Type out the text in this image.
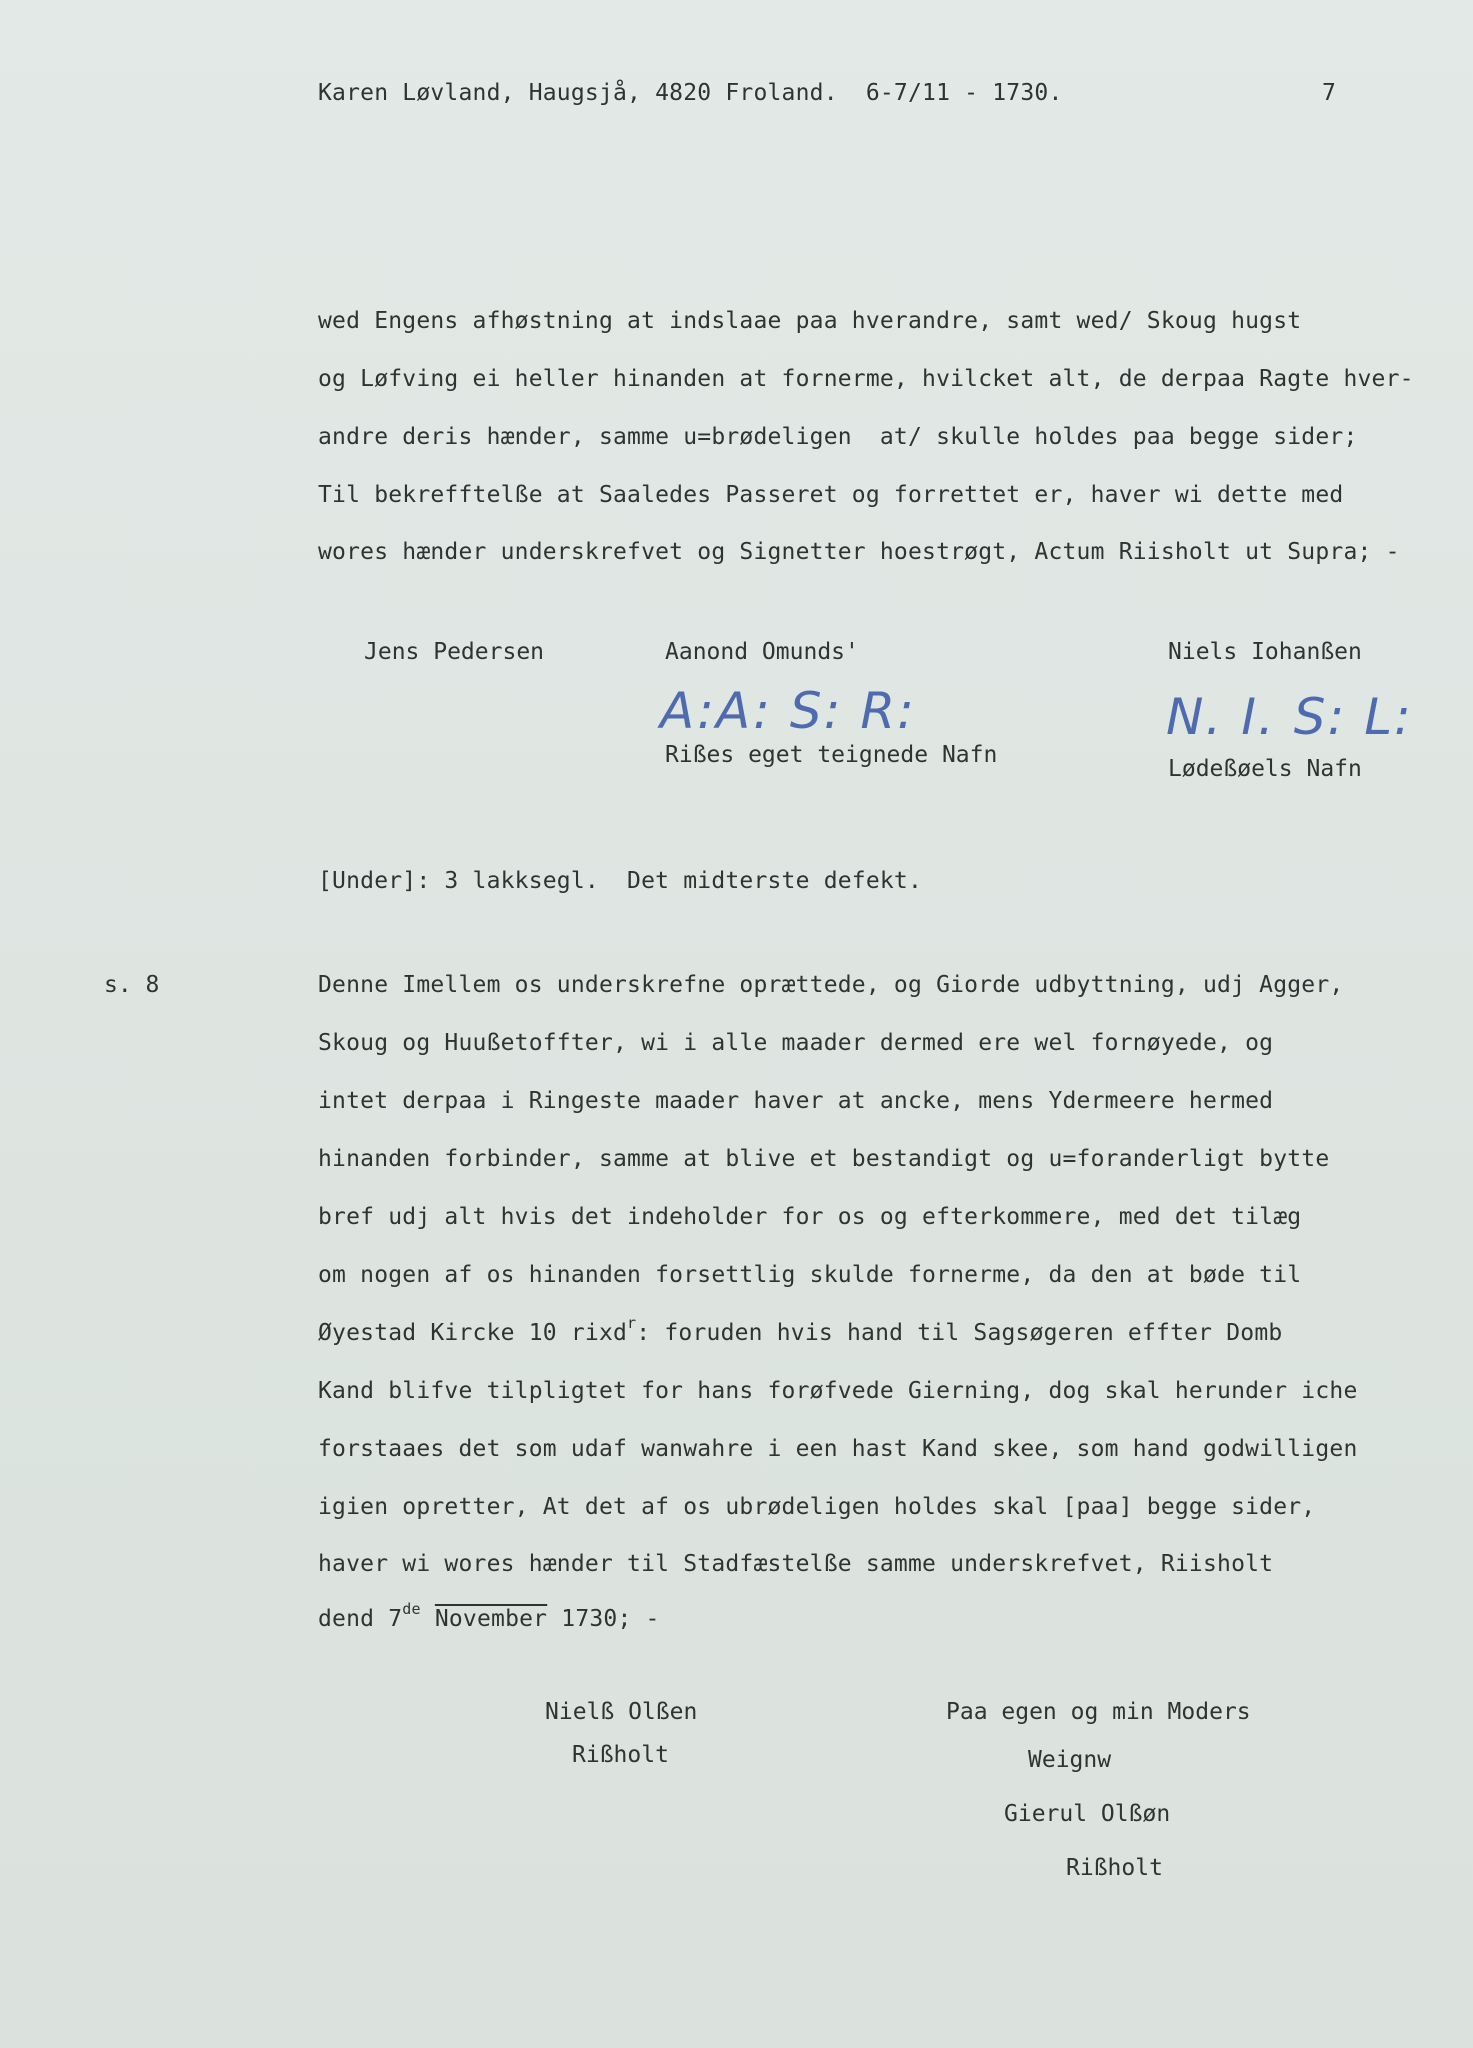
Karen Løvland, Haugsjå, 4820 Froland.  6-7/11 - 1730.	7
wed Engens afhøstning at indslaae paa hverandre, samt wed/ Skoug hugst
og Løfving ei heller hinanden at fornerme, hvilcket alt, de derpaa Ragte hver-
andre deris hænder, samme u=brødeligen  at/ skulle holdes paa begge sider;
Til bekrefftelße at Saaledes Passeret og forrettet er, haver wi dette med
wores hænder underskrefvet og Signetter hoestrøgt, Actum Riisholt ut Supra; -
Jens Pedersen	Aanond Omunds'
A:A: S: R:
Rißes eget teignede Nafn
Niels Iohanßen
N. I. S: L:
Lødeßøels Nafn
[Under]: 3 lakksegl.  Det midterste defekt.
s. 8	Denne Imellem os underskrefne oprættede, og Giorde udbyttning, udj Agger,
Skoug og Huußetoffter, wi i alle maader dermed ere wel fornøyede, og
intet derpaa i Ringeste maader haver at ancke, mens Ydermeere hermed
hinanden forbinder, samme at blive et bestandigt og u=foranderligt bytte
bref udj alt hvis det indeholder for os og efterkommere, med det tilæg
om nogen af os hinanden forsettlig skulde fornerme, da den at bøde til
Øyestad Kircke 10 rixd$^r$: foruden hvis hand til Sagsøgeren effter Domb
Kand blifve tilpligtet for hans forøfvede Gierning, dog skal herunder iche
forstaaes det som udaf wanwahre i een hast Kand skee, som hand godwilligen
igien opretter, At det af os ubrødeligen holdes skal [paa] begge sider,
haver wi wores hænder til Stadfæstelße samme underskrefvet, Riisholt
dend 7de November 1730; -
Nielß Olßen
Rißholt
Paa egen og min Moders
Weignw
Gierul Olßøn
Rißholt
